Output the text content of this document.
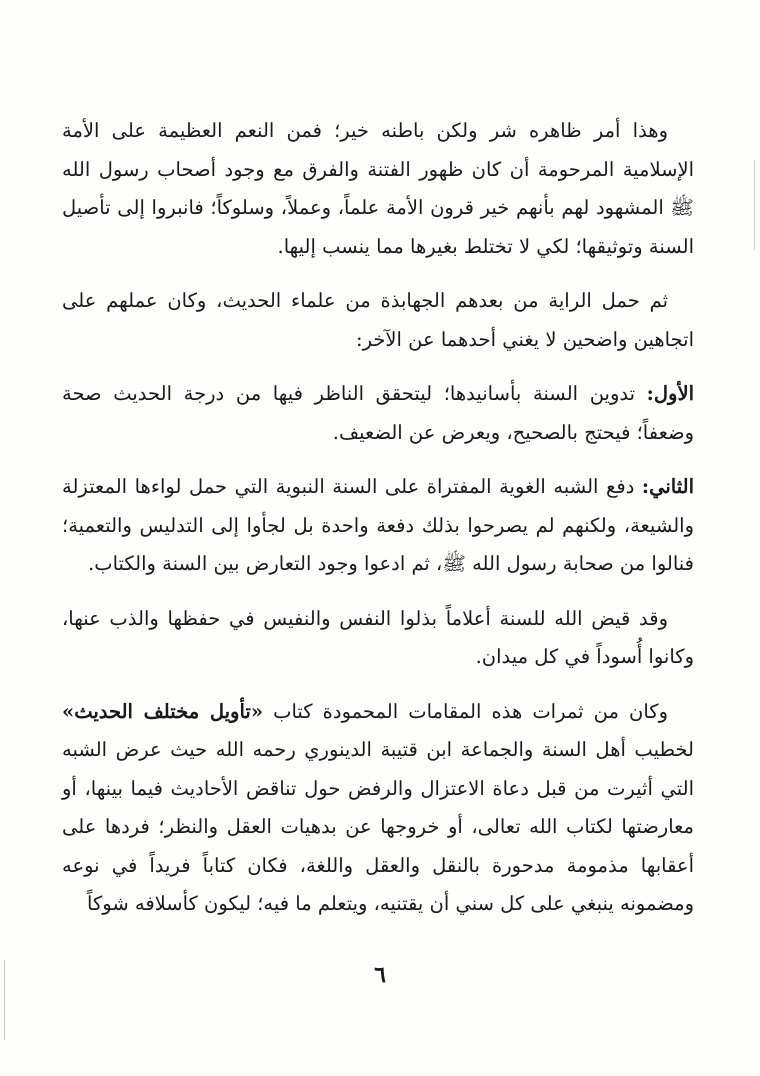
وهذا أمر ظاهره شر ولكن باطنه خير؛ فمن النعم العظيمة على الأمة الإسلامية المرحومة أن كان ظهور الفتنة والفرق مع وجود أصحاب رسول الله ﷺ المشهود لهم بأنهم خير قرون الأمة علماً، وعملاً، وسلوكاً؛ فانبروا إلى تأصيل السنة وتوثيقها؛ لكي لا تختلط بغيرها مما ينسب إليها.

ثم حمل الراية من بعدهم الجهابذة من علماء الحديث، وكان عملهم على اتجاهين واضحين لا يغني أحدهما عن الآخر:

الأول: تدوين السنة بأسانيدها؛ ليتحقق الناظر فيها من درجة الحديث صحة وضعفاً؛ فيحتج بالصحيح، ويعرض عن الضعيف.

الثاني: دفع الشبه الغوية المفتراة على السنة النبوية التي حمل لواءها المعتزلة والشيعة، ولكنهم لم يصرحوا بذلك دفعة واحدة بل لجأوا إلى التدليس والتعمية؛ فنالوا من صحابة رسول الله ﷺ، ثم ادعوا وجود التعارض بين السنة والكتاب.

وقد قيض الله للسنة أعلاماً بذلوا النفس والنفيس في حفظها والذب عنها، وكانوا أُسوداً في كل ميدان.

وكان من ثمرات هذه المقامات المحمودة كتاب «تأويل مختلف الحديث» لخطيب أهل السنة والجماعة ابن قتيبة الدينوري رحمه الله حيث عرض الشبه التي أثيرت من قبل دعاة الاعتزال والرفض حول تناقض الأحاديث فيما بينها، أو معارضتها لكتاب الله تعالى، أو خروجها عن بدهيات العقل والنظر؛ فردها على أعقابها مذمومة مدحورة بالنقل والعقل واللغة، فكان كتاباً فريداً في نوعه ومضمونه ينبغي على كل سني أن يقتنيه، ويتعلم ما فيه؛ ليكون كأسلافه شوكاً

٦
